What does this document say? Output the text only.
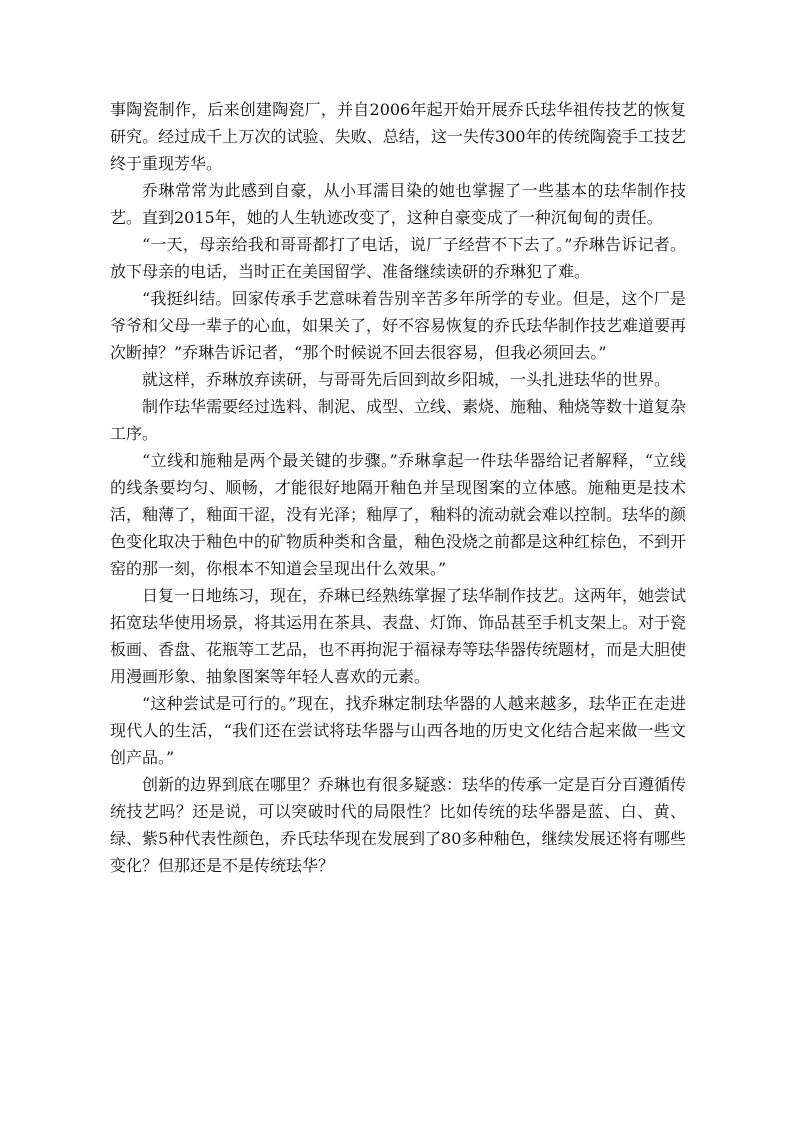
事陶瓷制作，后来创建陶瓷厂，并自2006年起开始开展乔氏珐华祖传技艺的恢复研究。经过成千上万次的试验、失败、总结，这一失传300年的传统陶瓷手工技艺终于重现芳华。

乔琳常常为此感到自豪，从小耳濡目染的她也掌握了一些基本的珐华制作技艺。直到2015年，她的人生轨迹改变了，这种自豪变成了一种沉甸甸的责任。

“一天，母亲给我和哥哥都打了电话，说厂子经营不下去了。”乔琳告诉记者。放下母亲的电话，当时正在美国留学、准备继续读研的乔琳犯了难。

“我挺纠结。回家传承手艺意味着告别辛苦多年所学的专业。但是，这个厂是爷爷和父母一辈子的心血，如果关了，好不容易恢复的乔氏珐华制作技艺难道要再次断掉？”乔琳告诉记者，“那个时候说不回去很容易，但我必须回去。”

就这样，乔琳放弃读研，与哥哥先后回到故乡阳城，一头扎进珐华的世界。

制作珐华需要经过选料、制泥、成型、立线、素烧、施釉、釉烧等数十道复杂工序。

“立线和施釉是两个最关键的步骤。”乔琳拿起一件珐华器给记者解释，“立线的线条要均匀、顺畅，才能很好地隔开釉色并呈现图案的立体感。施釉更是技术活，釉薄了，釉面干涩，没有光泽；釉厚了，釉料的流动就会难以控制。珐华的颜色变化取决于釉色中的矿物质种类和含量，釉色没烧之前都是这种红棕色，不到开窑的那一刻，你根本不知道会呈现出什么效果。”

日复一日地练习，现在，乔琳已经熟练掌握了珐华制作技艺。这两年，她尝试拓宽珐华使用场景，将其运用在茶具、表盘、灯饰、饰品甚至手机支架上。对于瓷板画、香盘、花瓶等工艺品，也不再拘泥于福禄寿等珐华器传统题材，而是大胆使用漫画形象、抽象图案等年轻人喜欢的元素。

“这种尝试是可行的。”现在，找乔琳定制珐华器的人越来越多，珐华正在走进现代人的生活，“我们还在尝试将珐华器与山西各地的历史文化结合起来做一些文创产品。”

创新的边界到底在哪里？乔琳也有很多疑惑：珐华的传承一定是百分百遵循传统技艺吗？还是说，可以突破时代的局限性？比如传统的珐华器是蓝、白、黄、绿、紫5种代表性颜色，乔氏珐华现在发展到了80多种釉色，继续发展还将有哪些变化？但那还是不是传统珐华？
